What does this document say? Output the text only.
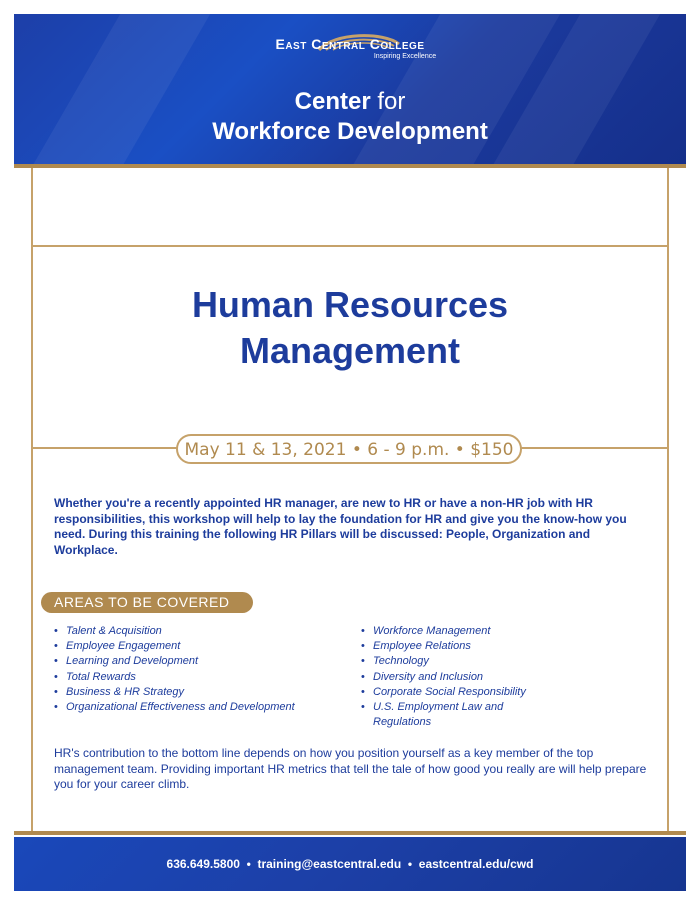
East Central College
Inspiring Excellence
Center for
Workforce Development
Human Resources
Management
May 11 & 13, 2021 • 6 - 9 p.m. • $150
Whether you're a recently appointed HR manager, are new to HR or have a non-HR job with HR responsibilities, this workshop will help to lay the foundation for HR and give you the know-how you need. During this training the following HR Pillars will be discussed: People, Organization and Workplace.
AREAS TO BE COVERED
• Talent & Acquisition
• Employee Engagement
• Learning and Development
• Total Rewards
• Business & HR Strategy
• Organizational Effectiveness and Development
• Workforce Management
• Employee Relations
• Technology
• Diversity and Inclusion
• Corporate Social Responsibility
• U.S. Employment Law and Regulations
HR's contribution to the bottom line depends on how you position yourself as a key member of the top management team. Providing important HR metrics that tell the tale of how good you really are will help prepare you for your career climb.
636.649.5800 • training@eastcentral.edu • eastcentral.edu/cwd
